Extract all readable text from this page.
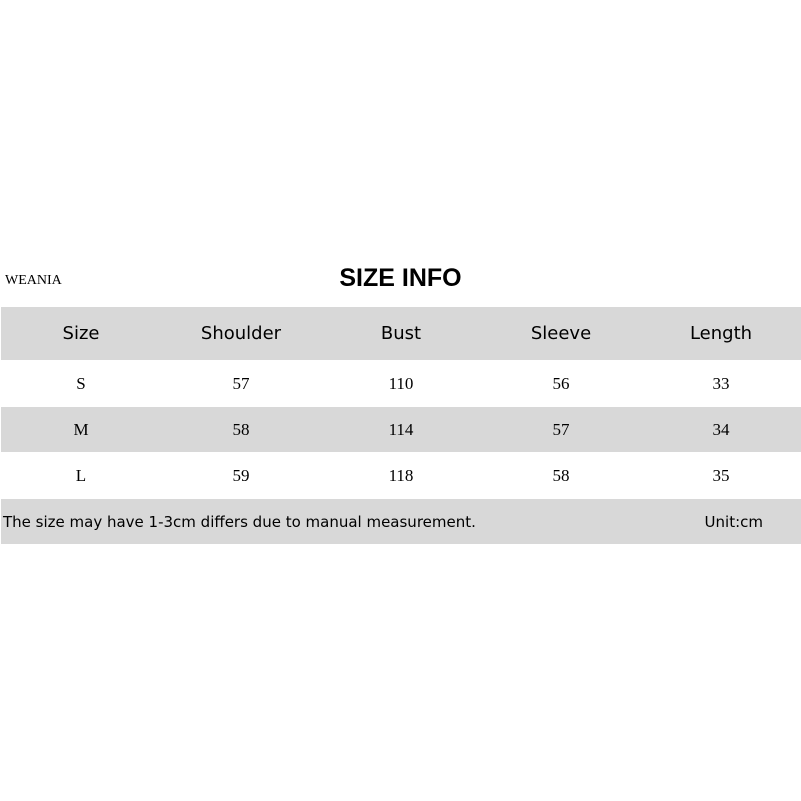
WEANIA	SIZE INFO
Size	Shoulder	Bust	Sleeve	Length
S	57	110	56	33
M	58	114	57	34
L	59	118	58	35
The size may have 1-3cm differs due to manual measurement.	Unit:cm
